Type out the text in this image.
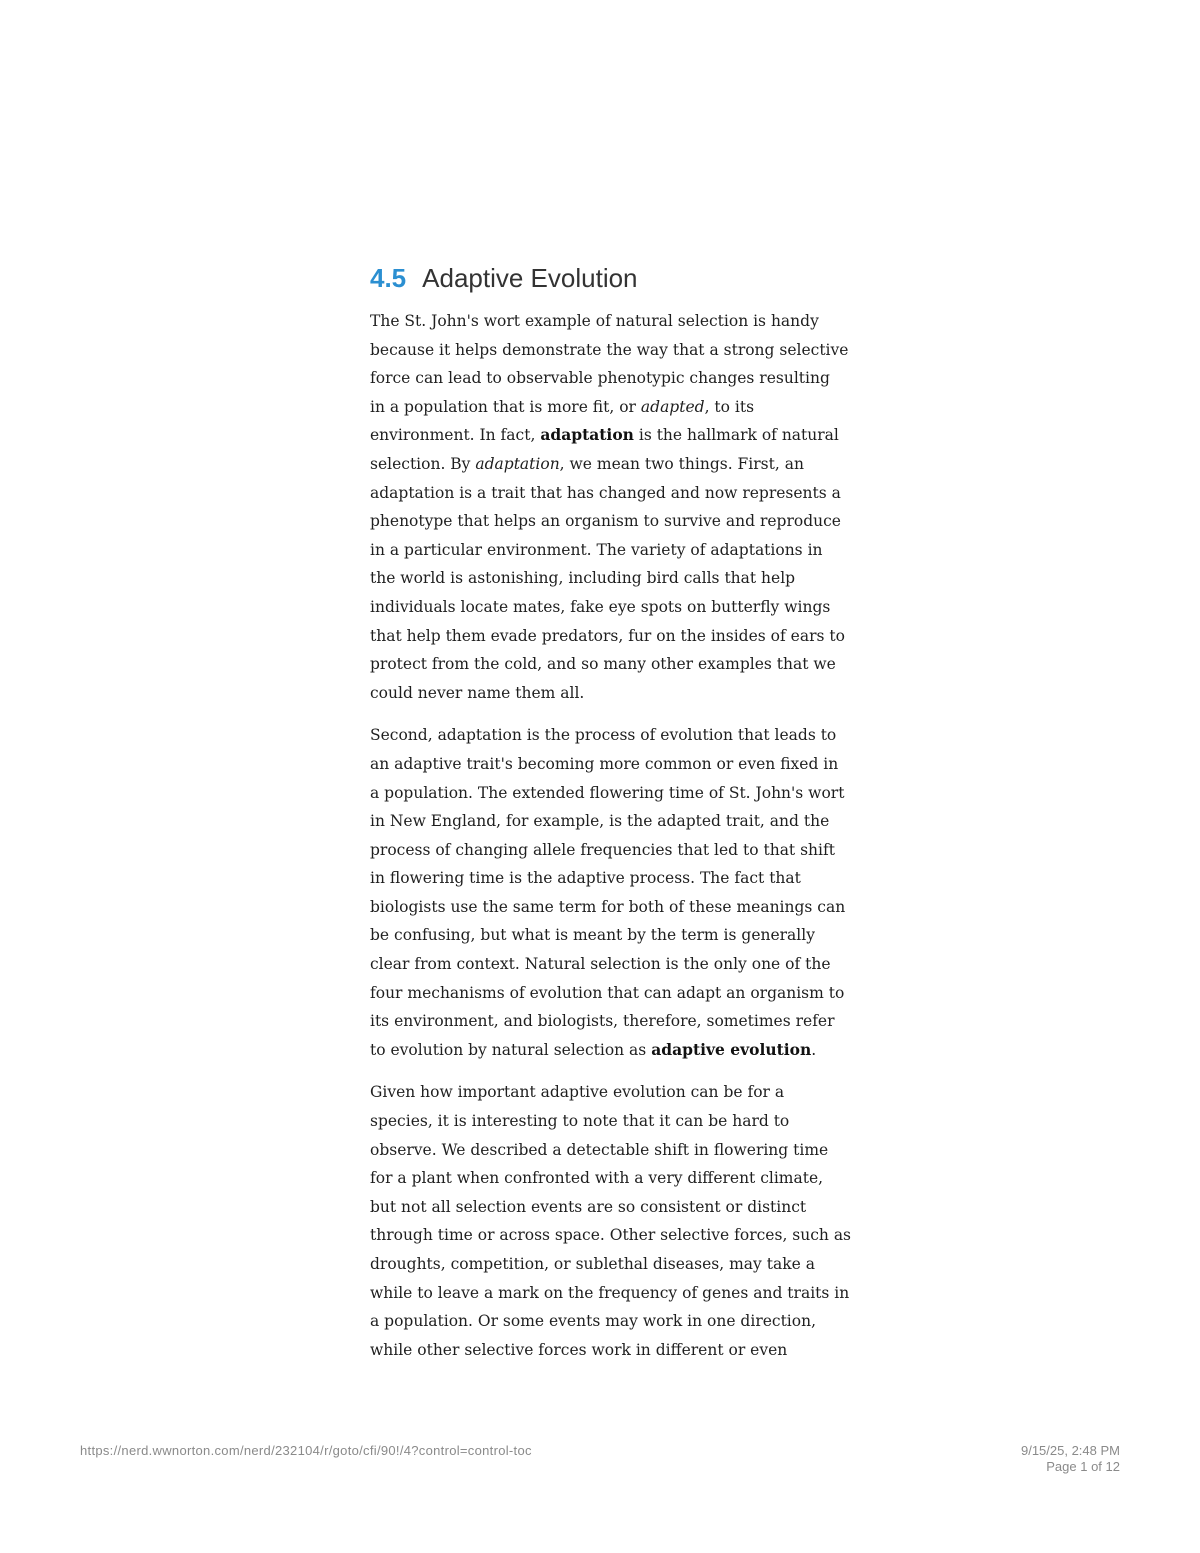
4.5 Adaptive Evolution

The St. John's wort example of natural selection is handy
because it helps demonstrate the way that a strong selective
force can lead to observable phenotypic changes resulting
in a population that is more fit, or adapted, to its
environment. In fact, adaptation is the hallmark of natural
selection. By adaptation, we mean two things. First, an
adaptation is a trait that has changed and now represents a
phenotype that helps an organism to survive and reproduce
in a particular environment. The variety of adaptations in
the world is astonishing, including bird calls that help
individuals locate mates, fake eye spots on butterfly wings
that help them evade predators, fur on the insides of ears to
protect from the cold, and so many other examples that we
could never name them all.

Second, adaptation is the process of evolution that leads to
an adaptive trait's becoming more common or even fixed in
a population. The extended flowering time of St. John's wort
in New England, for example, is the adapted trait, and the
process of changing allele frequencies that led to that shift
in flowering time is the adaptive process. The fact that
biologists use the same term for both of these meanings can
be confusing, but what is meant by the term is generally
clear from context. Natural selection is the only one of the
four mechanisms of evolution that can adapt an organism to
its environment, and biologists, therefore, sometimes refer
to evolution by natural selection as adaptive evolution.

Given how important adaptive evolution can be for a
species, it is interesting to note that it can be hard to
observe. We described a detectable shift in flowering time
for a plant when confronted with a very different climate,
but not all selection events are so consistent or distinct
through time or across space. Other selective forces, such as
droughts, competition, or sublethal diseases, may take a
while to leave a mark on the frequency of genes and traits in
a population. Or some events may work in one direction,
while other selective forces work in different or even

https://nerd.wwnorton.com/nerd/232104/r/goto/cfi/90!/4?control=control-toc	9/15/25, 2:48 PM
Page 1 of 12
